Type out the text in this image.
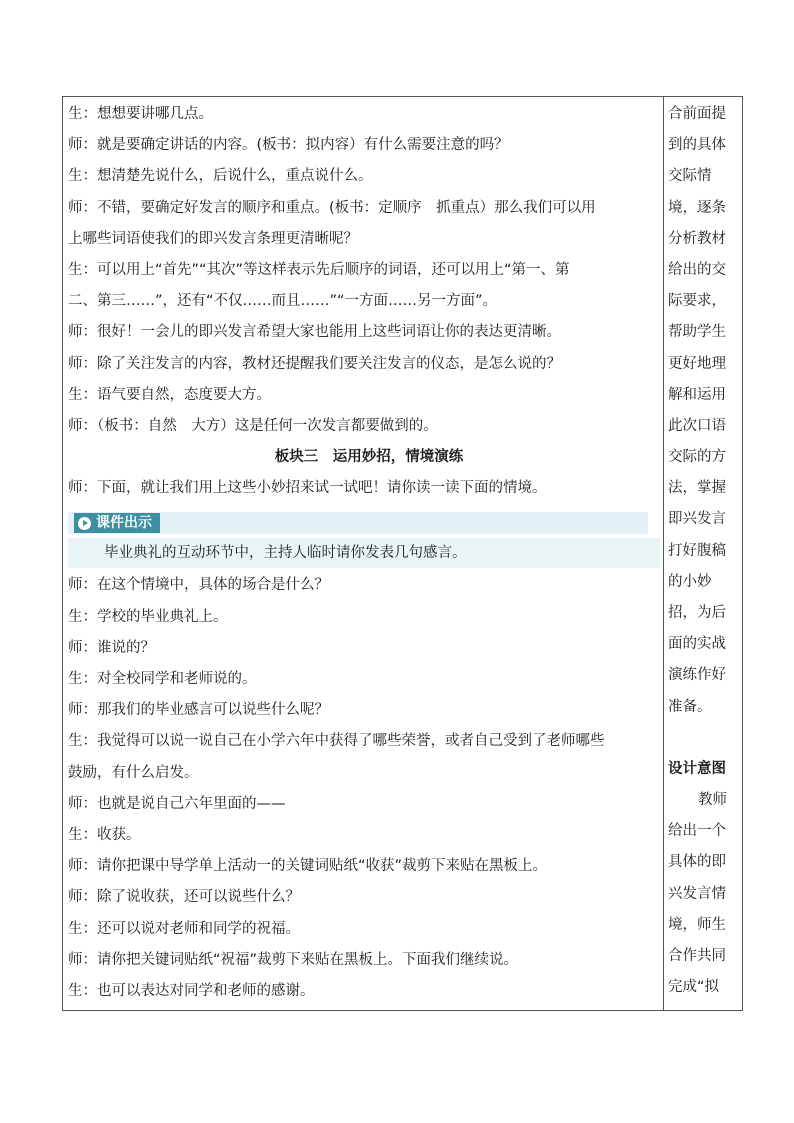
生：想想要讲哪几点。
师：就是要确定讲话的内容。(板书：拟内容）有什么需要注意的吗？
生：想清楚先说什么，后说什么，重点说什么。
师：不错，要确定好发言的顺序和重点。(板书：定顺序　抓重点）那么我们可以用
上哪些词语使我们的即兴发言条理更清晰呢？
生：可以用上“首先”“其次”等这样表示先后顺序的词语，还可以用上“第一、第
二、第三……”，还有“不仅……而且……”“一方面……另一方面”。
师：很好！一会儿的即兴发言希望大家也能用上这些词语让你的表达更清晰。
师：除了关注发言的内容，教材还提醒我们要关注发言的仪态，是怎么说的？
生：语气要自然，态度要大方。
师：（板书：自然　大方）这是任何一次发言都要做到的。
板块三　运用妙招，情境演练
师：下面，就让我们用上这些小妙招来试一试吧！请你读一读下面的情境。
课件出示
毕业典礼的互动环节中，主持人临时请你发表几句感言。
师：在这个情境中，具体的场合是什么？
生：学校的毕业典礼上。
师：谁说的？
生：对全校同学和老师说的。
师：那我们的毕业感言可以说些什么呢？
生：我觉得可以说一说自己在小学六年中获得了哪些荣誉，或者自己受到了老师哪些
鼓励，有什么启发。
师：也就是说自己六年里面的——
生：收获。
师：请你把课中导学单上活动一的关键词贴纸“收获”裁剪下来贴在黑板上。
师：除了说收获，还可以说些什么？
生：还可以说对老师和同学的祝福。
师：请你把关键词贴纸“祝福”裁剪下来贴在黑板上。下面我们继续说。
生：也可以表达对同学和老师的感谢。
合前面提
到的具体
交际情
境，逐条
分析教材
给出的交
际要求，
帮助学生
更好地理
解和运用
此次口语
交际的方
法，掌握
即兴发言
打好腹稿
的小妙
招，为后
面的实战
演练作好
准备。
设计意图
教师
给出一个
具体的即
兴发言情
境，师生
合作共同
完成“拟
